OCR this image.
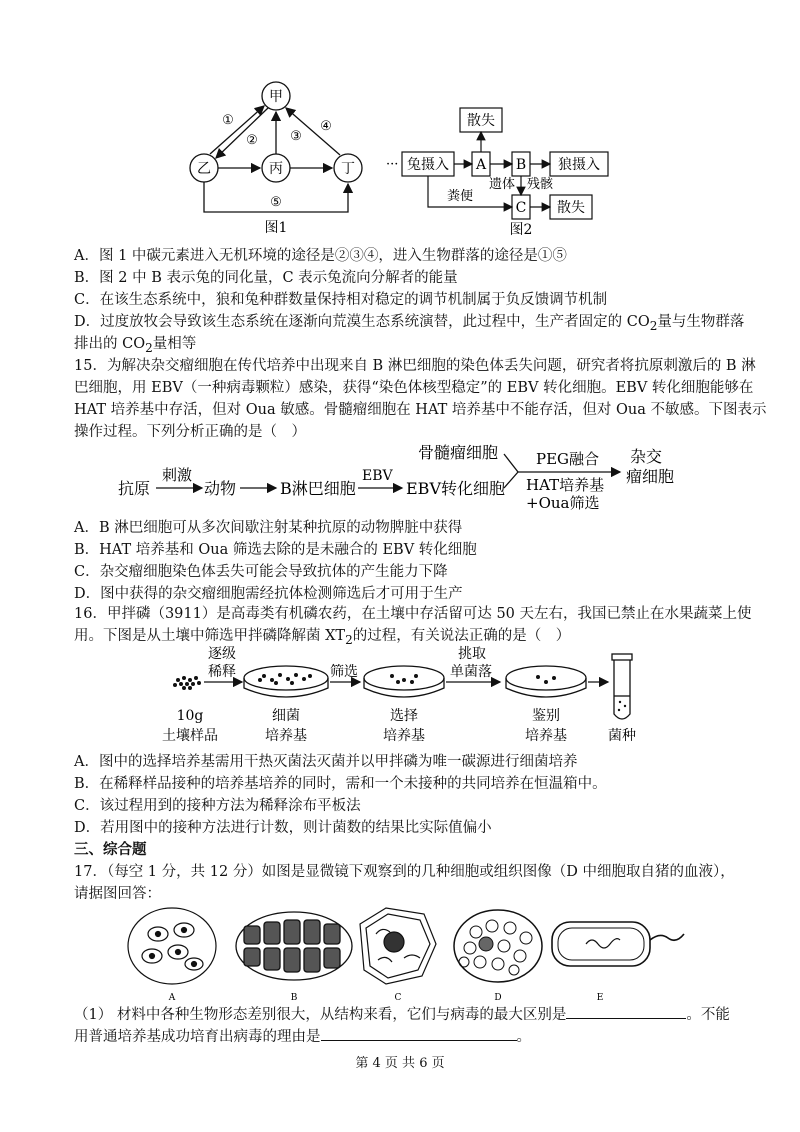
甲
乙	丙	丁
①
② ③
④
⑤
图1
···
散失
兔摄入 A B 狼摄入
C 散失
粪便
遗体 残骸
图2
A．图 1 中碳元素进入无机环境的途径是②③④，进入生物群落的途径是①⑤
B．图 2 中 B 表示兔的同化量，C 表示兔流向分解者的能量
C．在该生态系统中，狼和兔种群数量保持相对稳定的调节机制属于负反馈调节机制
D．过度放牧会导致该生态系统在逐渐向荒漠生态系统演替，此过程中，生产者固定的 $CO_2$量与生物群落
排出的 $CO_2$量相等
15．为解决杂交瘤细胞在传代培养中出现来自 B 淋巴细胞的染色体丢失问题，研究者将抗原刺激后的 B 淋
巴细胞，用 EBV（一种病毒颗粒）感染，获得“染色体核型稳定”的 EBV 转化细胞。EBV 转化细胞能够在
HAT 培养基中存活，但对 Oua 敏感。骨髓瘤细胞在 HAT 培养基中不能存活，但对 Oua 不敏感。下图表示
操作过程。下列分析正确的是（　）
抗原
刺激
动物	B淋巴细胞
EBV
EBV转化细胞
骨髓瘤细胞	PEG融合
HAT培养基
+Oua筛选
杂交
瘤细胞
A．B 淋巴细胞可从多次间歇注射某种抗原的动物脾脏中获得
B．HAT 培养基和 Oua 筛选去除的是未融合的 EBV 转化细胞
C．杂交瘤细胞染色体丢失可能会导致抗体的产生能力下降
D．图中获得的杂交瘤细胞需经抗体检测筛选后才可用于生产
16．甲拌磷（3911）是高毒类有机磷农药，在土壤中存活留可达 50 天左右，我国已禁止在水果蔬菜上使
用。下图是从土壤中筛选甲拌磷降解菌 $XT_2$的过程，有关说法正确的是（　）
逐级
稀释	筛选
挑取
单菌落
10g
土壤样品
细菌
培养基
选择
培养基
鉴别
培养基	菌种
A．图中的选择培养基需用干热灭菌法灭菌并以甲拌磷为唯一碳源进行细菌培养
B．在稀释样品接种的培养基培养的同时，需和一个未接种的共同培养在恒温箱中。
C．该过程用到的接种方法为稀释涂布平板法
D．若用图中的接种方法进行计数，则计菌数的结果比实际值偏小
三、综合题
17．（每空 1 分，共 12 分）如图是显微镜下观察到的几种细胞或组织图像（D 中细胞取自猪的血液），
请据图回答：
A	B	C	D	E
（1） 材料中各种生物形态差别很大，从结构来看，它们与病毒的最大区别是	。不能
用普通培养基成功培育出病毒的理由是	。
第 4 页 共 6 页
